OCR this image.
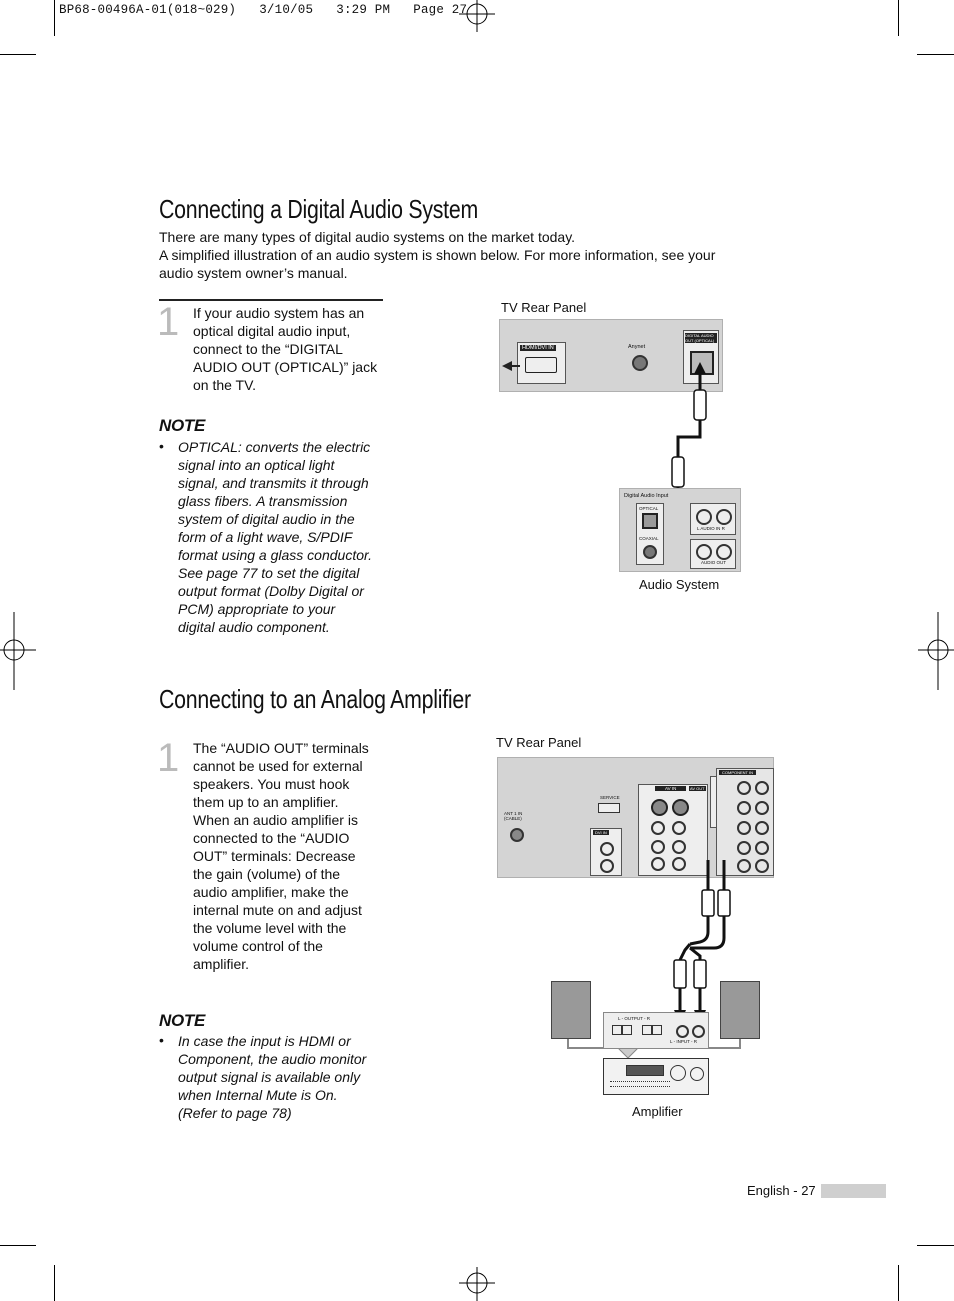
BP68-00496A-01(018~029)   3/10/05   3:29 PM   Page 27
Connecting a Digital Audio System
There are many types of digital audio systems on the market today.
A simplified illustration of an audio system is shown below. For more information, see your
audio system owner’s manual.
1 If your audio system has an
optical digital audio input,
connect to the “DIGITAL
AUDIO OUT (OPTICAL)” jack
on the TV.
NOTE
• OPTICAL: converts the electric
signal into an optical light
signal, and transmits it through
glass fibers. A transmission
system of digital audio in the
form of a light wave, S/PDIF
format using a glass conductor.
See page 77 to set the digital
output format (Dolby Digital or
PCM) appropriate to your
digital audio component.
TV Rear Panel
HDMI/DVI IN	Anynet
DIGITAL AUDIO OUT (OPTICAL)
Digital Audio Input
OPTICAL
COAXIAL
L AUDIO IN R
AUDIO OUT
Audio System
Connecting to an Analog Amplifier
1 The “AUDIO OUT” terminals
cannot be used for external
speakers. You must hook
them up to an amplifier.
When an audio amplifier is
connected to the “AUDIO
OUT” terminals: Decrease
the gain (volume) of the
audio amplifier, make the
internal mute on and adjust
the volume level with the
volume control of the
amplifier.
NOTE
• In case the input is HDMI or
Component, the audio monitor
output signal is available only
when Internal Mute is On.
(Refer to page 78)
TV Rear Panel
ANT 1 IN (CABLE)
SERVICE
DVI IN
AV IN	AV OUT
COMPONENT IN
L - OUTPUT - R
L - INPUT - R
Amplifier
English - 27
